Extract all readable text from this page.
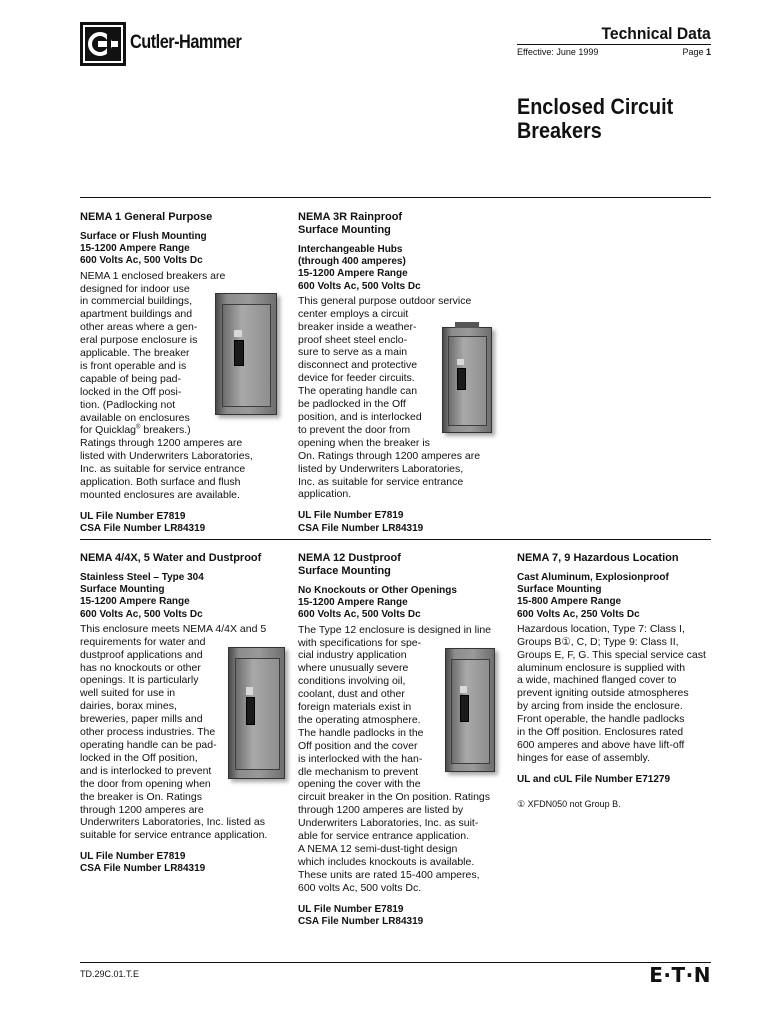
Cutler-Hammer	Technical Data
Effective: June 1999	Page 1
Enclosed Circuit
Breakers
NEMA 1 General Purpose
Surface or Flush Mounting
15-1200 Ampere Range
600 Volts Ac, 500 Volts Dc
NEMA 1 enclosed breakers are
designed for indoor use
in commercial buildings,
apartment buildings and
other areas where a gen-
eral purpose enclosure is
applicable. The breaker
is front operable and is
capable of being pad-
locked in the Off posi-
tion. (Padlocking not
available on enclosures
for Quicklag® breakers.)
Ratings through 1200 amperes are
listed with Underwriters Laboratories,
Inc. as suitable for service entrance
application. Both surface and flush
mounted enclosures are available.
UL File Number E7819
CSA File Number LR84319
NEMA 3R Rainproof
Surface Mounting
Interchangeable Hubs
(through 400 amperes)
15-1200 Ampere Range
600 Volts Ac, 500 Volts Dc
This general purpose outdoor service
center employs a circuit
breaker inside a weather-
proof sheet steel enclo-
sure to serve as a main
disconnect and protective
device for feeder circuits.
The operating handle can
be padlocked in the Off
position, and is interlocked
to prevent the door from
opening when the breaker is
On. Ratings through 1200 amperes are
listed by Underwriters Laboratories,
Inc. as suitable for service entrance
application.
UL File Number E7819
CSA File Number LR84319
NEMA 4/4X, 5 Water and Dustproof
Stainless Steel – Type 304
Surface Mounting
15-1200 Ampere Range
600 Volts Ac, 500 Volts Dc
This enclosure meets NEMA 4/4X and 5
requirements for water and
dustproof applications and
has no knockouts or other
openings. It is particularly
well suited for use in
dairies, borax mines,
breweries, paper mills and
other process industries. The
operating handle can be pad-
locked in the Off position,
and is interlocked to prevent
the door from opening when
the breaker is On. Ratings
through 1200 amperes are
Underwriters Laboratories, Inc. listed as
suitable for service entrance application.
UL File Number E7819
CSA File Number LR84319
NEMA 12 Dustproof
Surface Mounting
No Knockouts or Other Openings
15-1200 Ampere Range
600 Volts Ac, 500 Volts Dc
The Type 12 enclosure is designed in line
with specifications for spe-
cial industry application
where unusually severe
conditions involving oil,
coolant, dust and other
foreign materials exist in
the operating atmosphere.
The handle padlocks in the
Off position and the cover
is interlocked with the han-
dle mechanism to prevent
opening the cover with the
circuit breaker in the On position. Ratings
through 1200 amperes are listed by
Underwriters Laboratories, Inc. as suit-
able for service entrance application.
A NEMA 12 semi-dust-tight design
which includes knockouts is available.
These units are rated 15-400 amperes,
600 volts Ac, 500 volts Dc.
UL File Number E7819
CSA File Number LR84319
NEMA 7, 9 Hazardous Location
Cast Aluminum, Explosionproof
Surface Mounting
15-800 Ampere Range
600 Volts Ac, 250 Volts Dc
Hazardous location, Type 7: Class I,
Groups B①, C, D; Type 9: Class II,
Groups E, F, G. This special service cast
aluminum enclosure is supplied with
a wide, machined flanged cover to
prevent igniting outside atmospheres
by arcing from inside the enclosure.
Front operable, the handle padlocks
in the Off position. Enclosures rated
600 amperes and above have lift-off
hinges for ease of assembly.
UL and cUL File Number E71279
① XFDN050 not Group B.
TD.29C.01.T.E	E·T·N
